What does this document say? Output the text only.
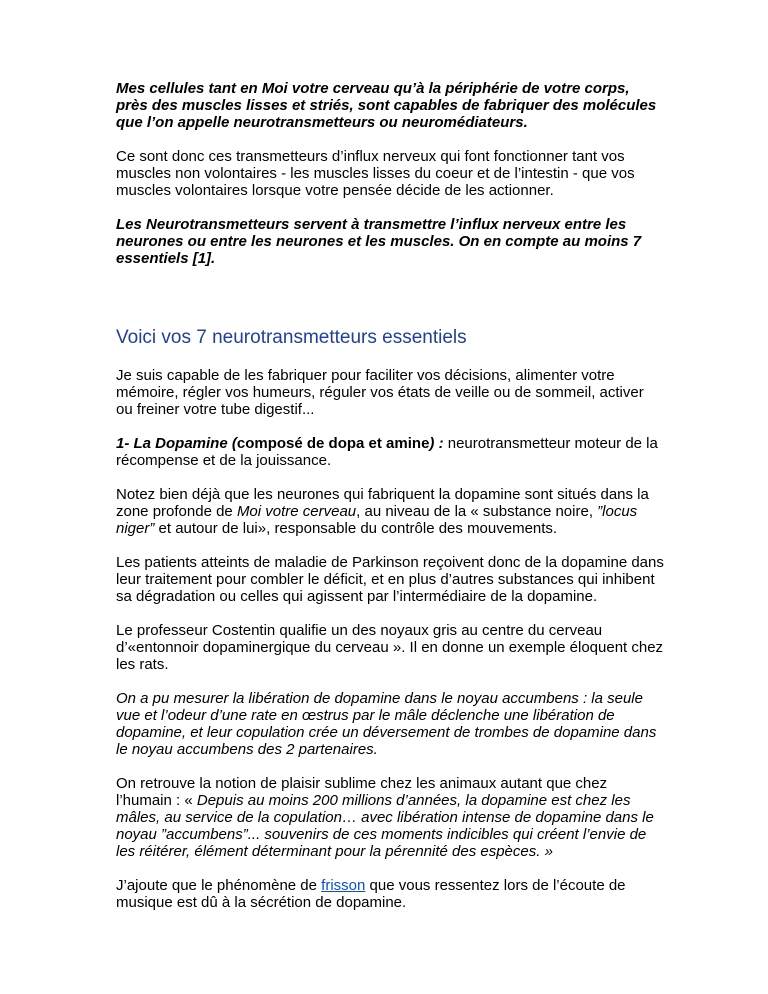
Mes cellules tant en Moi votre cerveau qu’à la périphérie de votre corps, près des muscles lisses et striés, sont capables de fabriquer des molécules que l’on appelle neurotransmetteurs ou neuromédiateurs.

Ce sont donc ces transmetteurs d’influx nerveux qui font fonctionner tant vos muscles non volontaires - les muscles lisses du coeur et de l’intestin - que vos muscles volontaires lorsque votre pensée décide de les actionner.

Les Neurotransmetteurs servent à transmettre l’influx nerveux entre les neurones ou entre les neurones et les muscles. On en compte au moins 7 essentiels [1].

Voici vos 7 neurotransmetteurs essentiels

Je suis capable de les fabriquer pour faciliter vos décisions, alimenter votre mémoire, régler vos humeurs, réguler vos états de veille ou de sommeil, activer ou freiner votre tube digestif...

1- La Dopamine (composé de dopa et amine) : neurotransmetteur moteur de la récompense et de la jouissance.

Notez bien déjà que les neurones qui fabriquent la dopamine sont situés dans la zone profonde de Moi votre cerveau, au niveau de la « substance noire, ”locus niger” et autour de lui», responsable du contrôle des mouvements.

Les patients atteints de maladie de Parkinson reçoivent donc de la dopamine dans leur traitement pour combler le déficit, et en plus d’autres substances qui inhibent sa dégradation ou celles qui agissent par l’intermédiaire de la dopamine.

Le professeur Costentin qualifie un des noyaux gris au centre du cerveau d’«entonnoir dopaminergique du cerveau ». Il en donne un exemple éloquent chez les rats.

On a pu mesurer la libération de dopamine dans le noyau accumbens : la seule vue et l’odeur d’une rate en œstrus par le mâle déclenche une libération de dopamine, et leur copulation crée un déversement de trombes de dopamine dans le noyau accumbens des 2 partenaires.

On retrouve la notion de plaisir sublime chez les animaux autant que chez l’humain : « Depuis au moins 200 millions d’années, la dopamine est chez les mâles, au service de la copulation… avec libération intense de dopamine dans le noyau ”accumbens”... souvenirs de ces moments indicibles qui créent l’envie de les réitérer, élément déterminant pour la pérennité des espèces. »

J’ajoute que le phénomène de frisson que vous ressentez lors de l’écoute de musique est dû à la sécrétion de dopamine.
